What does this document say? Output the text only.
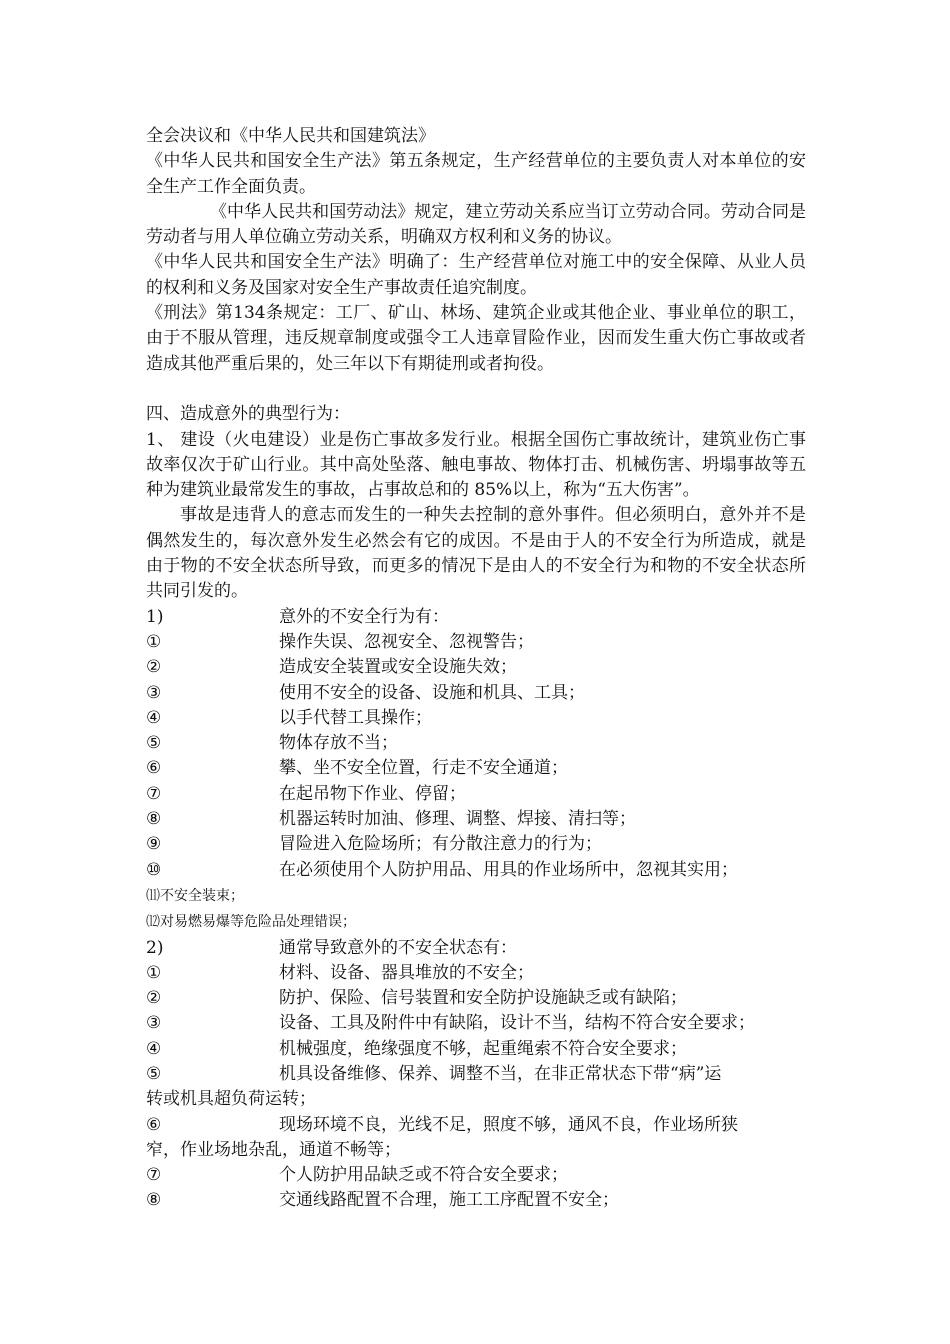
全会决议和《中华人民共和国建筑法》

《中华人民共和国安全生产法》第五条规定，生产经营单位的主要负责人对本单位的安全生产工作全面负责。

《中华人民共和国劳动法》规定，建立劳动关系应当订立劳动合同。劳动合同是劳动者与用人单位确立劳动关系，明确双方权利和义务的协议。

《中华人民共和国安全生产法》明确了：生产经营单位对施工中的安全保障、从业人员的权利和义务及国家对安全生产事故责任追究制度。

《刑法》第134条规定：工厂、矿山、林场、建筑企业或其他企业、事业单位的职工，由于不服从管理，违反规章制度或强令工人违章冒险作业，因而发生重大伤亡事故或者造成其他严重后果的，处三年以下有期徒刑或者拘役。

四、造成意外的典型行为：

1、 建设（火电建设）业是伤亡事故多发行业。根据全国伤亡事故统计，建筑业伤亡事故率仅次于矿山行业。其中高处坠落、触电事故、物体打击、机械伤害、坍塌事故等五种为建筑业最常发生的事故，占事故总和的 85%以上，称为“五大伤害”。

事故是违背人的意志而发生的一种失去控制的意外事件。但必须明白，意外并不是偶然发生的，每次意外发生必然会有它的成因。不是由于人的不安全行为所造成，就是由于物的不安全状态所导致，而更多的情况下是由人的不安全行为和物的不安全状态所共同引发的。

1)	意外的不安全行为有：
①	操作失误、忽视安全、忽视警告；
②	造成安全装置或安全设施失效；
③	使用不安全的设备、设施和机具、工具；
④	以手代替工具操作；
⑤	物体存放不当；
⑥	攀、坐不安全位置，行走不安全通道；
⑦	在起吊物下作业、停留；
⑧	机器运转时加油、修理、调整、焊接、清扫等；
⑨	冒险进入危险场所；有分散注意力的行为；
⑩	在必须使用个人防护用品、用具的作业场所中，忽视其实用；

⑾不安全装束；

⑿对易燃易爆等危险品处理错误；

2)	通常导致意外的不安全状态有：
①	材料、设备、器具堆放的不安全；
②	防护、保险、信号装置和安全防护设施缺乏或有缺陷；
③	设备、工具及附件中有缺陷，设计不当，结构不符合安全要求；
④	机械强度，绝缘强度不够，起重绳索不符合安全要求；
⑤	机具设备维修、保养、调整不当，在非正常状态下带“病”运
转或机具超负荷运转；
⑥	现场环境不良，光线不足，照度不够，通风不良，作业场所狭
窄，作业场地杂乱，通道不畅等；
⑦	个人防护用品缺乏或不符合安全要求；
⑧	交通线路配置不合理，施工工序配置不安全；
